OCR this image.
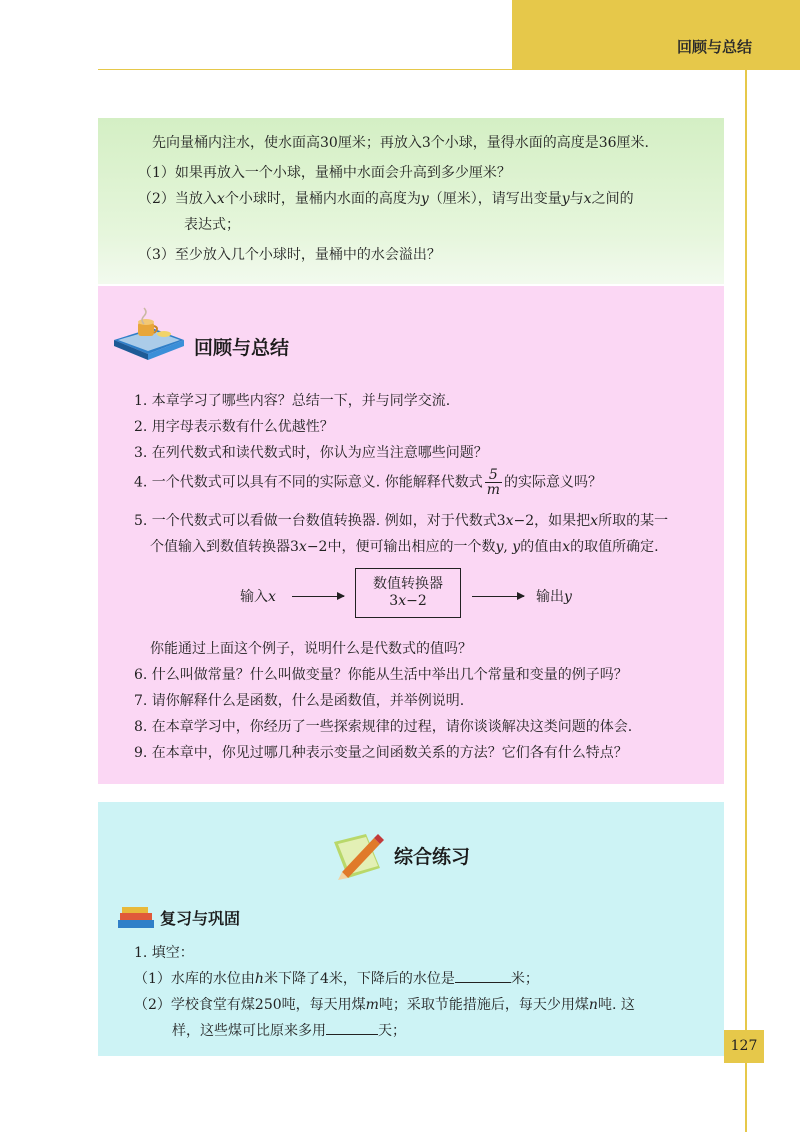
回顾与总结
先向量桶内注水，使水面高30厘米；再放入3个小球，量得水面的高度是36厘米.
（1）如果再放入一个小球，量桶中水面会升高到多少厘米？
（2）当放入x个小球时，量桶内水面的高度为y（厘米），请写出变量y与x之间的
表达式；
（3）至少放入几个小球时，量桶中的水会溢出？
回顾与总结
1. 本章学习了哪些内容？总结一下，并与同学交流.
2. 用字母表示数有什么优越性？
3. 在列代数式和读代数式时，你认为应当注意哪些问题？
4. 一个代数式可以具有不同的实际意义. 你能解释代数式 $\frac{5}{m}$ 的实际意义吗？
5. 一个代数式可以看做一台数值转换器. 例如，对于代数式3x−2，如果把x所取的某一
个值输入到数值转换器3x−2中，便可输出相应的一个数y, y的值由x的取值所确定.
输入x
数值转换器
3x−2	输出y
你能通过上面这个例子，说明什么是代数式的值吗？
6. 什么叫做常量？什么叫做变量？你能从生活中举出几个常量和变量的例子吗？
7. 请你解释什么是函数，什么是函数值，并举例说明.
8. 在本章学习中，你经历了一些探索规律的过程，请你谈谈解决这类问题的体会.
9. 在本章中，你见过哪几种表示变量之间函数关系的方法？它们各有什么特点？
综合练习
复习与巩固
1. 填空：
（1）水库的水位由h米下降了4米，下降后的水位是	米；
（2）学校食堂有煤250吨，每天用煤m吨；采取节能措施后，每天少用煤n吨. 这
样，这些煤可比原来多用	天；
127
